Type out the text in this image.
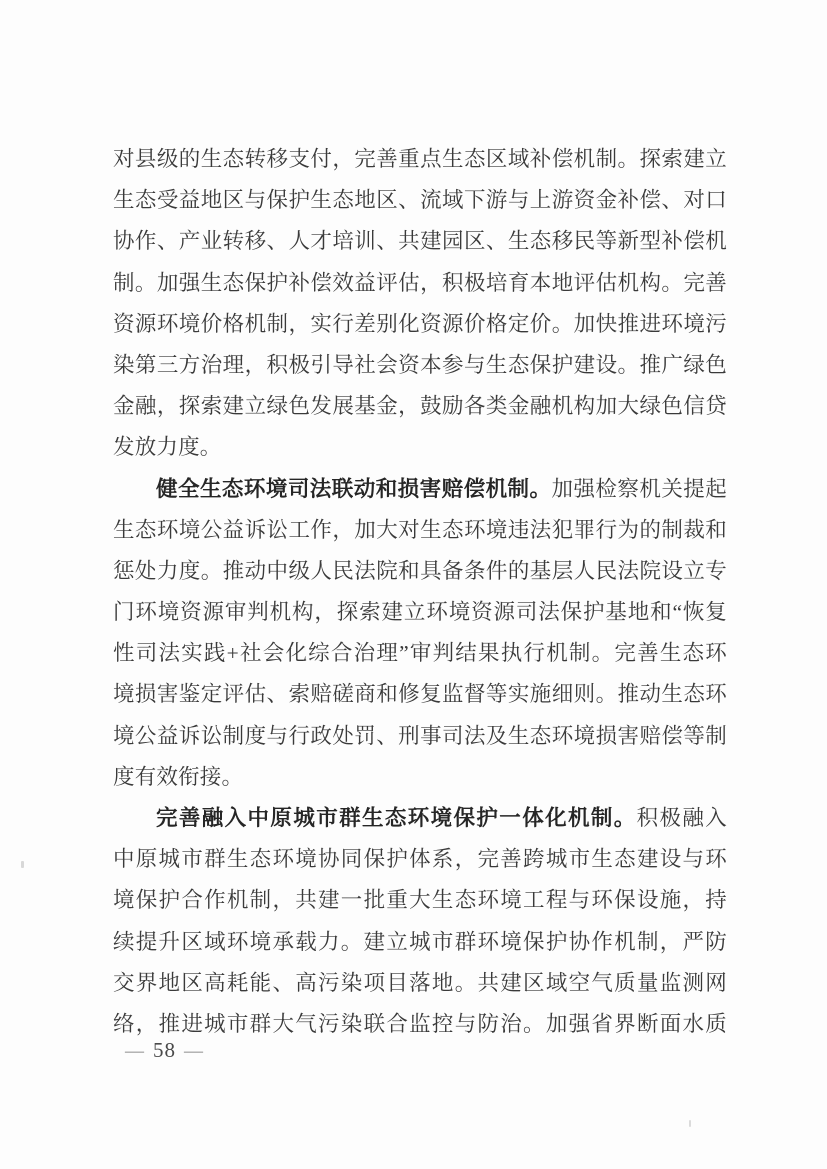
对县级的生态转移支付，完善重点生态区域补偿机制。探索建立
生态受益地区与保护生态地区、流域下游与上游资金补偿、对口
协作、产业转移、人才培训、共建园区、生态移民等新型补偿机
制。加强生态保护补偿效益评估，积极培育本地评估机构。完善
资源环境价格机制，实行差别化资源价格定价。加快推进环境污
染第三方治理，积极引导社会资本参与生态保护建设。推广绿色
金融，探索建立绿色发展基金，鼓励各类金融机构加大绿色信贷
发放力度。
健全生态环境司法联动和损害赔偿机制。加强检察机关提起
生态环境公益诉讼工作，加大对生态环境违法犯罪行为的制裁和
惩处力度。推动中级人民法院和具备条件的基层人民法院设立专
门环境资源审判机构，探索建立环境资源司法保护基地和“恢复
性司法实践+社会化综合治理”审判结果执行机制。完善生态环
境损害鉴定评估、索赔磋商和修复监督等实施细则。推动生态环
境公益诉讼制度与行政处罚、刑事司法及生态环境损害赔偿等制
度有效衔接。
完善融入中原城市群生态环境保护一体化机制。积极融入
中原城市群生态环境协同保护体系，完善跨城市生态建设与环
境保护合作机制，共建一批重大生态环境工程与环保设施，持
续提升区域环境承载力。建立城市群环境保护协作机制，严防
交界地区高耗能、高污染项目落地。共建区域空气质量监测网
络，推进城市群大气污染联合监控与防治。加强省界断面水质
— 58 —
